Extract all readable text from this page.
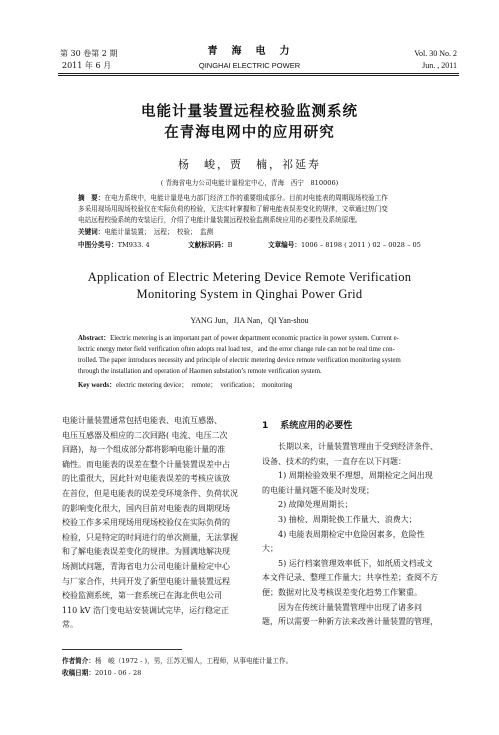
第 30 卷第 2 期
2011 年 6 月
青　海　电　力
QINGHAI ELECTRIC POWER
Vol. 30 No. 2
Jun. , 2011
电能计量装置远程校验监测系统
在青海电网中的应用研究
杨　峻，贾　楠，祁延寿
( 青海省电力公司电能计量检定中心，青海　西宁　810006)
摘　要：在电力系统中，电能计量是电力部门经济工作的重要组成部分。目前对电能表的周期现场校验工作
多采用现场用现场校验仪在实际负荷的检验，无法实时掌握和了解电能表误差变化的规律，文章通过热门变
电站远程校验系统的安装运行，介绍了电能计量装置远程校验监测系统应用的必要性及系统原理。
关键词：电能计量装置；　远程；　校验；　监测
中图分类号：TM933. 4	文献标识码：B	文章编号：1006 – 8198 ( 2011 ) 02 – 0028 – 05
Application of Electric Metering Device Remote Verification
Monitoring System in Qinghai Power Grid
YANG Jun，JIA Nan，QI Yan-shou
Abstract：Electric metering is an important part of power department economic practice in power system. Current e-
lectric energy meter field verification often adopts real load test，and the error change rule can not be real time con-
trolled. The paper introduces necessity and principle of electric metering device remote verification monitoring system
through the installation and operation of Haomen substation’s remote verification system.
Key words：electric metering device；　remote；　verification；　monitoring
电能计量装置通常包括电能表、电流互感器、
电压互感器及相应的二次回路( 电流、电压二次
回路)，每一个组成部分都将影响电能计量的准
确性。而电能表的误差在整个计量装置误差中占
的比重很大，因此针对电能表误差的考核应该放
在首位，但是电能表的误差受环境条件、负荷状况
的影响变化很大，国内目前对电能表的周期现场
校验工作多采用现场用现场校验仪在实际负荷的
检验，只是特定的时间进行的单次测量，无法掌握
和了解电能表误差变化的规律。为圆满地解决现
场测试问题，青海省电力公司电能计量检定中心
与厂家合作，共同开发了新型电能计量装置远程
校验监测系统，第一套系统已在海北供电公司
110 kV 浩门变电站安装调试完毕，运行稳定正
常。
1 系统应用的必要性
　　长期以来，计量装置管理由于受到经济条件、
设备、技术的约束，一直存在以下问题：
　　1) 周期检验效果不理想，周期检定之间出现
的电能计量问题不能及时发现；
　　2) 故障处理周期长；
　　3) 抽检、周期轮换工作量大、浪费大；
　　4) 电能表周期检定中危险因素多，危险性
大；
　　5) 运行档案管理效率低下，如纸质文档或文
本文件记录、整理工作量大；共享性差；查阅不方
便；数据对比及考核误差变化趋势工作繁重。
　　因为在传统计量装置管理中出现了诸多问
题，所以需要一种新方法来改善计量装置的管理，
作者简介：杨　峻（1972 - )，男，江苏无锡人，工程师，从事电能计量工作。
收稿日期：2010 - 06 - 28
